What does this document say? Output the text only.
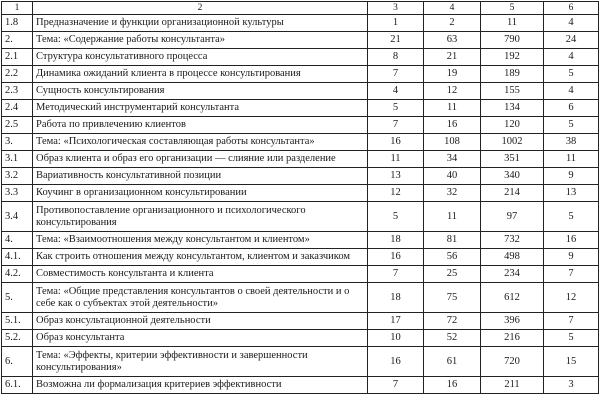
1	2	3	4	5	6
1.8	Предназначение и функции организационной культуры	1	2	11	4
2.	Тема: «Содержание работы консультанта»	21	63	790	24
2.1	Структура консультативного процесса	8	21	192	4
2.2	Динамика ожиданий клиента в процессе консультирования	7	19	189	5
2.3	Сущность консультирования	4	12	155	4
2.4	Методический инструментарий консультанта	5	11	134	6
2.5	Работа по привлечению клиентов	7	16	120	5
3.	Тема: «Психологическая составляющая работы консультанта»	16	108	1002	38
3.1	Образ клиента и образ его организации — слияние или разделение	11	34	351	11
3.2	Вариативность консультативной позиции	13	40	340	9
3.3	Коучинг в организационном консультировании	12	32	214	13
3.4	Противопоставление организационного и психологического консультирования	5	11	97	5
4.	Тема: «Взаимоотношения между консультантом и клиентом»	18	81	732	16
4.1.	Как строить отношения между консультантом, клиентом и заказчиком	16	56	498	9
4.2.	Совместимость консультанта и клиента	7	25	234	7
5.	Тема: «Общие представления консультантов о своей деятельности и о себе как о субъектах этой деятельности»	18	75	612	12
5.1.	Образ консультационной деятельности	17	72	396	7
5.2.	Образ консультанта	10	52	216	5
6.	Тема: «Эффекты, критерии эффективности и завершенности консультирования»	16	61	720	15
6.1.	Возможна ли формализация критериев эффективности	7	16	211	3
